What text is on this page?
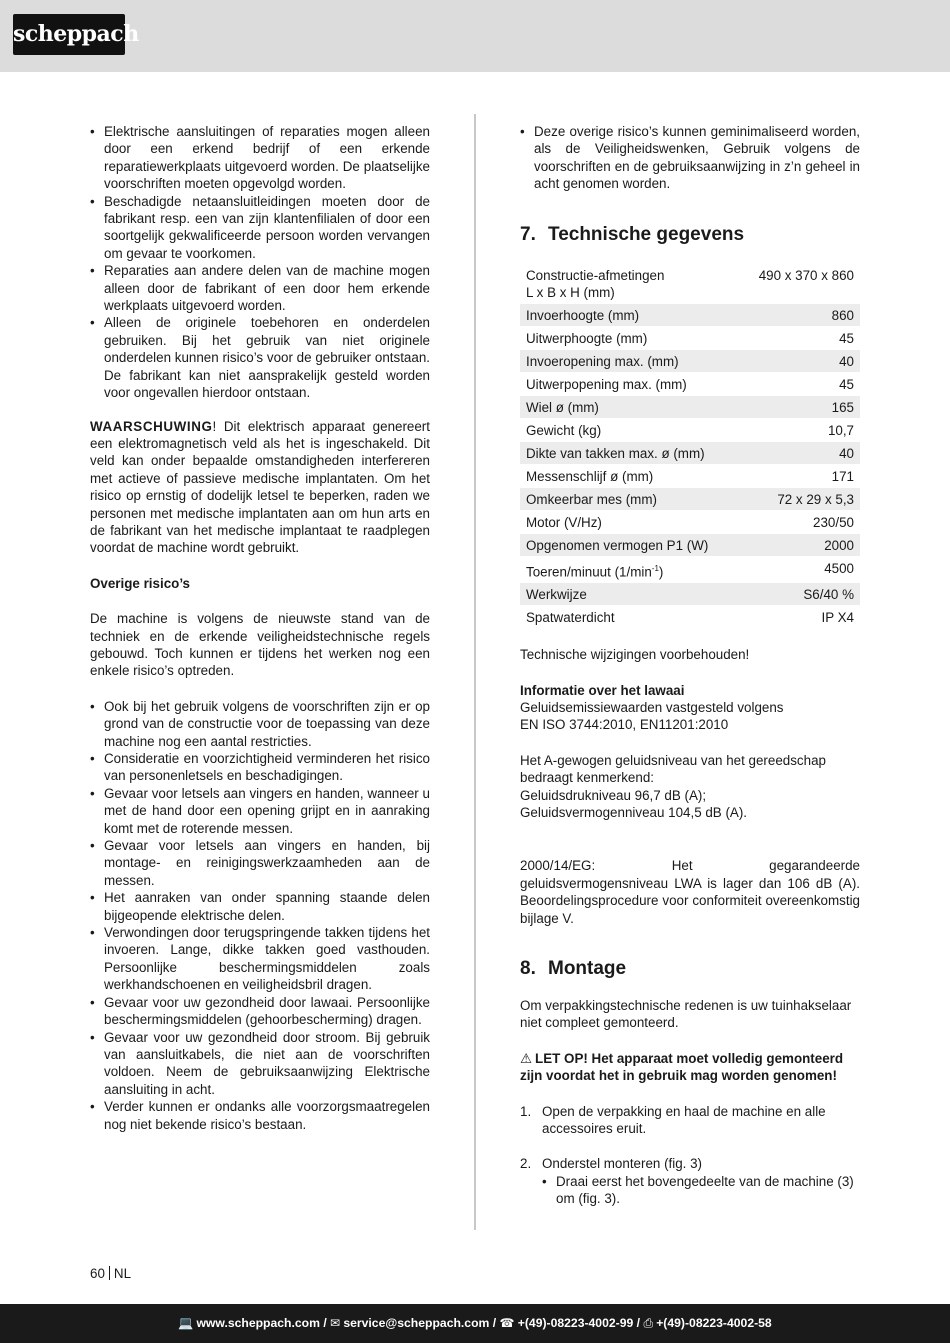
scheppach
• Elektrische aansluitingen of reparaties mogen alleen door een erkend bedrijf of een erkende reparatiewerkplaats uitgevoerd worden. De plaatselijke voorschriften moeten opgevolgd worden.
• Beschadigde netaansluitleidingen moeten door de fabrikant resp. een van zijn klantenfilialen of door een soortgelijk gekwalificeerde persoon worden vervangen om gevaar te voorkomen.
• Reparaties aan andere delen van de machine mogen alleen door de fabrikant of een door hem erkende werkplaats uitgevoerd worden.
• Alleen de originele toebehoren en onderdelen gebruiken. Bij het gebruik van niet originele onderdelen kunnen risico’s voor de gebruiker ontstaan. De fabrikant kan niet aansprakelijk gesteld worden voor ongevallen hierdoor ontstaan.

WAARSCHUWING! Dit elektrisch apparaat genereert een elektromagnetisch veld als het is ingeschakeld. Dit veld kan onder bepaalde omstandigheden interfereren met actieve of passieve medische implantaten. Om het risico op ernstig of dodelijk letsel te beperken, raden we personen met medische implantaten aan om hun arts en de fabrikant van het medische implantaat te raadplegen voordat de machine wordt gebruikt.

Overige risico’s

De machine is volgens de nieuwste stand van de techniek en de erkende veiligheidstechnische regels gebouwd. Toch kunnen er tijdens het werken nog een enkele risico’s optreden.

• Ook bij het gebruik volgens de voorschriften zijn er op grond van de constructie voor de toepassing van deze machine nog een aantal restricties.
• Consideratie en voorzichtigheid verminderen het risico van personenletsels en beschadigingen.
• Gevaar voor letsels aan vingers en handen, wanneer u met de hand door een opening grijpt en in aanraking komt met de roterende messen.
• Gevaar voor letsels aan vingers en handen, bij montage- en reinigingswerkzaamheden aan de messen.
• Het aanraken van onder spanning staande delen bijgeopende elektrische delen.
• Verwondingen door terugspringende takken tijdens het invoeren. Lange, dikke takken goed vasthouden. Persoonlijke beschermingsmiddelen zoals werkhandschoenen en veiligheidsbril dragen.
• Gevaar voor uw gezondheid door lawaai. Persoonlijke beschermingsmiddelen (gehoorbescherming) dragen.
• Gevaar voor uw gezondheid door stroom. Bij gebruik van aansluitkabels, die niet aan de voorschriften voldoen. Neem de gebruiksaanwijzing Elektrische aansluiting in acht.
• Verder kunnen er ondanks alle voorzorgsmaatregelen nog niet bekende risico’s bestaan.
• Deze overige risico’s kunnen geminimaliseerd worden, als de Veiligheidswenken, Gebruik volgens de voorschriften en de gebruiksaanwijzing in z’n geheel in acht genomen worden.
7. Technische gegevens
Constructie-afmetingen
L x B x H (mm)	490 x 370 x 860
Invoerhoogte (mm)	860
Uitwerphoogte (mm)	45
Invoeropening max. (mm)	40
Uitwerpopening max. (mm)	45
Wiel ø (mm)	165
Gewicht (kg)	10,7
Dikte van takken max. ø (mm)	40
Messenschlijf ø (mm)	171
Omkeerbar mes (mm)	72 x 29 x 5,3
Motor (V/Hz)	230/50
Opgenomen vermogen P1 (W)	2000
Toeren/minuut $(1/\min^{-1})$	4500
Werkwijze	S6/40 %
Spatwaterdicht	IP X4

Technische wijzigingen voorbehouden!

Informatie over het lawaai

Geluidsemissiewaarden vastgesteld volgens

EN ISO 3744:2010, EN11201:2010

Het A-gewogen geluidsniveau van het gereedschap bedraagt kenmerkend:

Geluidsdrukniveau 96,7 dB (A);

Geluidsvermogenniveau 104,5 dB (A).

2000/14/EG: Het gegarandeerde geluidsvermogensniveau LWA is lager dan 106 dB (A). Beoordelingsprocedure voor conformiteit overeenkomstig bijlage V.

8. Montage

Om verpakkingstechnische redenen is uw tuinhakselaar niet compleet gemonteerd.

⚠ LET OP! Het apparaat moet volledig gemonteerd zijn voordat het in gebruik mag worden genomen!

1. Open de verpakking en haal de machine en alle accessoires eruit.
2. Onderstel monteren (fig. 3)
• Draai eerst het bovengedeelte van de machine (3) om (fig. 3).
60 NL
💻 www.scheppach.com / ✉ service@scheppach.com / ☎ +(49)-08223-4002-99 / ⎙ +(49)-08223-4002-58
